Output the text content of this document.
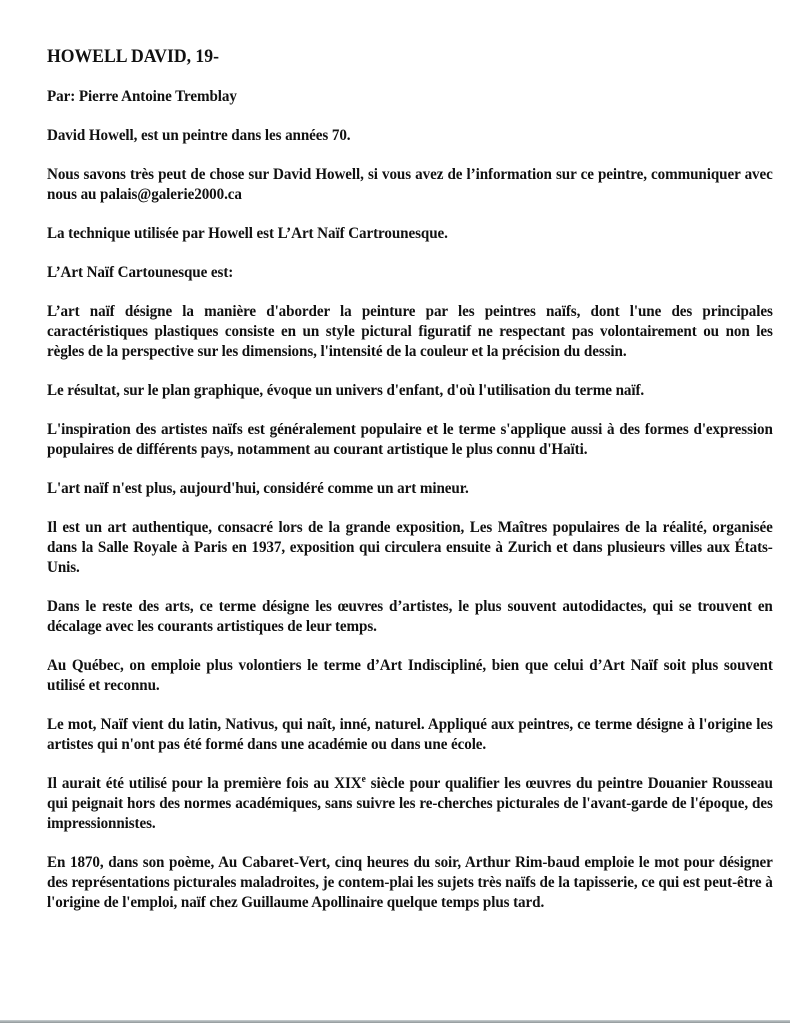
HOWELL DAVID, 19-
Par: Pierre Antoine Tremblay
David Howell, est un peintre dans les années 70.
Nous savons très peut de chose sur David Howell, si vous avez de l’information sur ce peintre, communiquer avec nous au palais@galerie2000.ca
La technique utilisée par Howell est L’Art Naïf Cartrounesque.
L’Art Naïf Cartounesque est:
L’art naïf désigne la manière d'aborder la peinture par les peintres naïfs, dont l'une des principales caractéristiques plastiques consiste en un style pictural figuratif ne respectant pas volontairement ou non les règles de la perspective sur les dimensions, l'intensité de la couleur et la précision du dessin.
Le résultat, sur le plan graphique, évoque un univers d'enfant, d'où l'utilisation du terme naïf.
L'inspiration des artistes naïfs est généralement populaire et le terme s'applique aussi à des formes d'expression populaires de différents pays, notamment au courant artistique le plus connu d'Haïti.
L'art naïf n'est plus, aujourd'hui, considéré comme un art mineur.
Il est un art authentique, consacré lors de la grande exposition, Les Maîtres populaires de la réalité, organisée dans la Salle Royale à Paris en 1937, exposition qui circulera ensuite à Zurich et dans plusieurs villes aux États-Unis.
Dans le reste des arts, ce terme désigne les œuvres d’artistes, le plus souvent autodidactes, qui se trouvent en décalage avec les courants artistiques de leur temps.
Au Québec, on emploie plus volontiers le terme d’Art Indiscipliné, bien que celui d’Art Naïf soit plus souvent utilisé et reconnu.
Le mot, Naïf vient du latin, Nativus, qui naît, inné, naturel. Appliqué aux peintres, ce terme désigne à l'origine les artistes qui n'ont pas été formé dans une académie ou dans une école.
Il aurait été utilisé pour la première fois au XIXe siècle pour qualifier les œuvres du peintre Douanier Rousseau qui peignait hors des normes académiques, sans suivre les re-cherches picturales de l'avant-garde de l'époque, des impressionnistes.
En 1870, dans son poème, Au Cabaret-Vert, cinq heures du soir, Arthur Rim-baud emploie le mot pour désigner des représentations picturales maladroites, je contem-plai les sujets très naïfs de la tapisserie, ce qui est peut-être à l'origine de l'emploi, naïf chez Guillaume Apollinaire quelque temps plus tard.
